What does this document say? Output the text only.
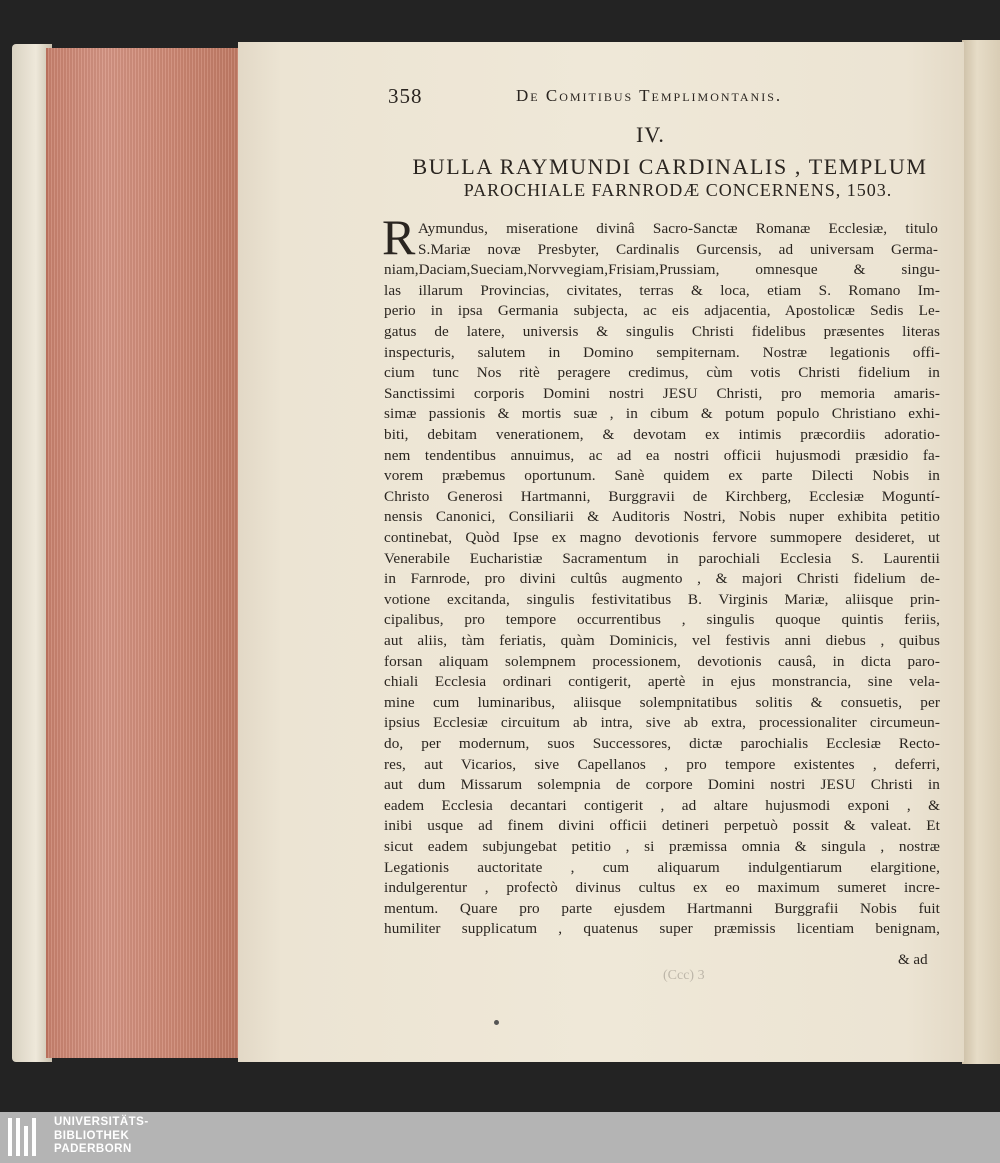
358	De Comitibus Templimontanis.
IV.
BULLA RAYMUNDI CARDINALIS , TEMPLUM
PAROCHIALE FARNRODÆ CONCERNENS, 1503.
R Aymundus, miseratione divinâ Sacro-Sanctæ Romanæ Ecclesiæ, titulo
S.Mariæ novæ Presbyter, Cardinalis Gurcensis, ad universam Germa-
niam,Daciam,Sueciam,Norvvegiam,Frisiam,Prussiam, omnesque & singu-
las illarum Provincias, civitates, terras & loca, etiam S. Romano Im-
perio in ipsa Germania subjecta, ac eis adjacentia, Apostolicæ Sedis Le-
gatus de latere, universis & singulis Christi fidelibus præsentes literas
inspecturis, salutem in Domino sempiternam. Nostræ legationis offi-
cium tunc Nos ritè peragere credimus, cùm votis Christi fidelium in
Sanctissimi corporis Domini nostri JESU Christi, pro memoria amaris-
simæ passionis & mortis suæ , in cibum & potum populo Christiano exhi-
biti, debitam venerationem, & devotam ex intimis præcordiis adoratio-
nem tendentibus annuimus, ac ad ea nostri officii hujusmodi præsidio fa-
vorem præbemus oportunum. Sanè quidem ex parte Dilecti Nobis in
Christo Generosi Hartmanni, Burggravii de Kirchberg, Ecclesiæ Moguntí-
nensis Canonici, Consiliarii & Auditoris Nostri, Nobis nuper exhibita petitio
continebat, Quòd Ipse ex magno devotionis fervore summopere desideret, ut
Venerabile Eucharistiæ Sacramentum in parochiali Ecclesia S. Laurentii
in Farnrode, pro divini cultûs augmento , & majori Christi fidelium de-
votione excitanda, singulis festivitatibus B. Virginis Mariæ, aliisque prin-
cipalibus, pro tempore occurrentibus , singulis quoque quintis feriis,
aut aliis, tàm feriatis, quàm Dominicis, vel festivis anni diebus , quibus
forsan aliquam solempnem processionem, devotionis causâ, in dicta paro-
chiali Ecclesia ordinari contigerit, apertè in ejus monstrancia, sine vela-
mine cum luminaribus, aliisque solempnitatibus solitis & consuetis, per
ipsius Ecclesiæ circuitum ab intra, sive ab extra, processionaliter circumeun-
do, per modernum, suos Successores, dictæ parochialis Ecclesiæ Recto-
res, aut Vicarios, sive Capellanos , pro tempore existentes , deferri,
aut dum Missarum solempnia de corpore Domini nostri JESU Christi in
eadem Ecclesia decantari contigerit , ad altare hujusmodi exponi , &
inibi usque ad finem divini officii detineri perpetuò possit & valeat. Et
sicut eadem subjungebat petitio , si præmissa omnia & singula , nostræ
Legationis auctoritate , cum aliquarum indulgentiarum elargitione,
indulgerentur , profectò divinus cultus ex eo maximum sumeret incre-
mentum. Quare pro parte ejusdem Hartmanni Burggrafii Nobis fuit
humiliter supplicatum , quatenus super præmissis licentiam benignam,
(Ccc) 3
& ad
UNIVERSITÄTS-
BIBLIOTHEK
PADERBORN
